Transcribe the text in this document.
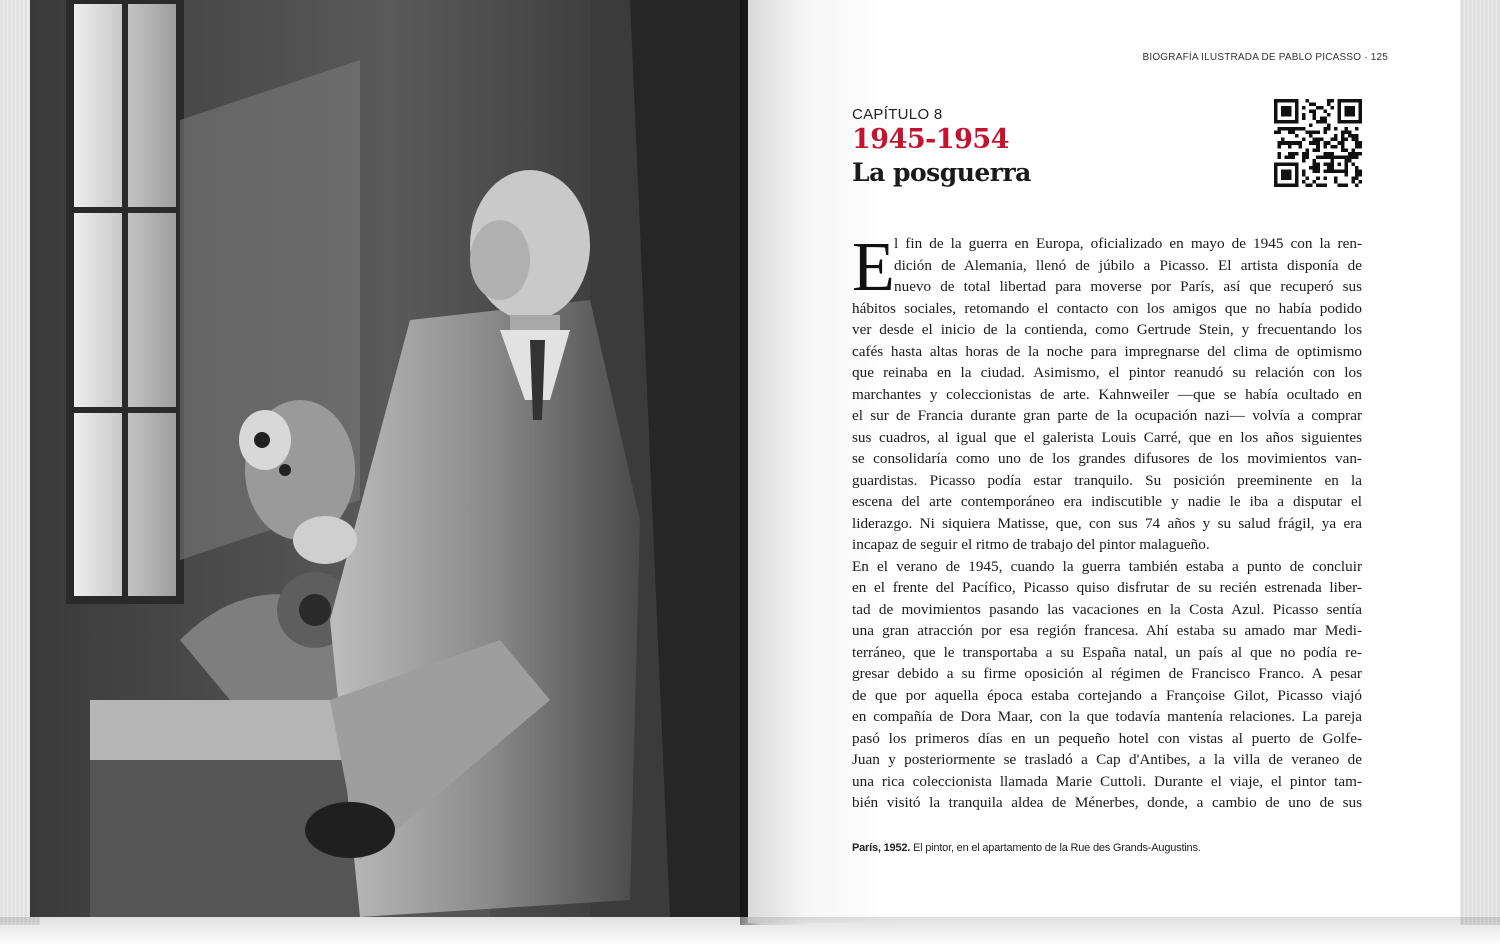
BIOGRAFÍA ILUSTRADA DE PABLO PICASSO · 125
CAPÍTULO 8
1945-1954
La posguerra
E l fin de la guerra en Europa, oficializado en mayo de 1945 con la ren-
dición de Alemania, llenó de júbilo a Picasso. El artista disponía de
nuevo de total libertad para moverse por París, así que recuperó sus
hábitos sociales, retomando el contacto con los amigos que no había podido
ver desde el inicio de la contienda, como Gertrude Stein, y frecuentando los
cafés hasta altas horas de la noche para impregnarse del clima de optimismo
que reinaba en la ciudad. Asimismo, el pintor reanudó su relación con los
marchantes y coleccionistas de arte. Kahnweiler —que se había ocultado en
el sur de Francia durante gran parte de la ocupación nazi— volvía a comprar
sus cuadros, al igual que el galerista Louis Carré, que en los años siguientes
se consolidaría como uno de los grandes difusores de los movimientos van-
guardistas. Picasso podía estar tranquilo. Su posición preeminente en la
escena del arte contemporáneo era indiscutible y nadie le iba a disputar el
liderazgo. Ni siquiera Matisse, que, con sus 74 años y su salud frágil, ya era
incapaz de seguir el ritmo de trabajo del pintor malagueño.
En el verano de 1945, cuando la guerra también estaba a punto de concluir
en el frente del Pacífico, Picasso quiso disfrutar de su recién estrenada liber-
tad de movimientos pasando las vacaciones en la Costa Azul. Picasso sentía
una gran atracción por esa región francesa. Ahí estaba su amado mar Medi-
terráneo, que le transportaba a su España natal, un país al que no podía re-
gresar debido a su firme oposición al régimen de Francisco Franco. A pesar
de que por aquella época estaba cortejando a Françoise Gilot, Picasso viajó
en compañía de Dora Maar, con la que todavía mantenía relaciones. La pareja
pasó los primeros días en un pequeño hotel con vistas al puerto de Golfe-
Juan y posteriormente se trasladó a Cap d'Antibes, a la villa de veraneo de
una rica coleccionista llamada Marie Cuttoli. Durante el viaje, el pintor tam-
bién visitó la tranquila aldea de Ménerbes, donde, a cambio de uno de sus
París, 1952. El pintor, en el apartamento de la Rue des Grands-Augustins.
